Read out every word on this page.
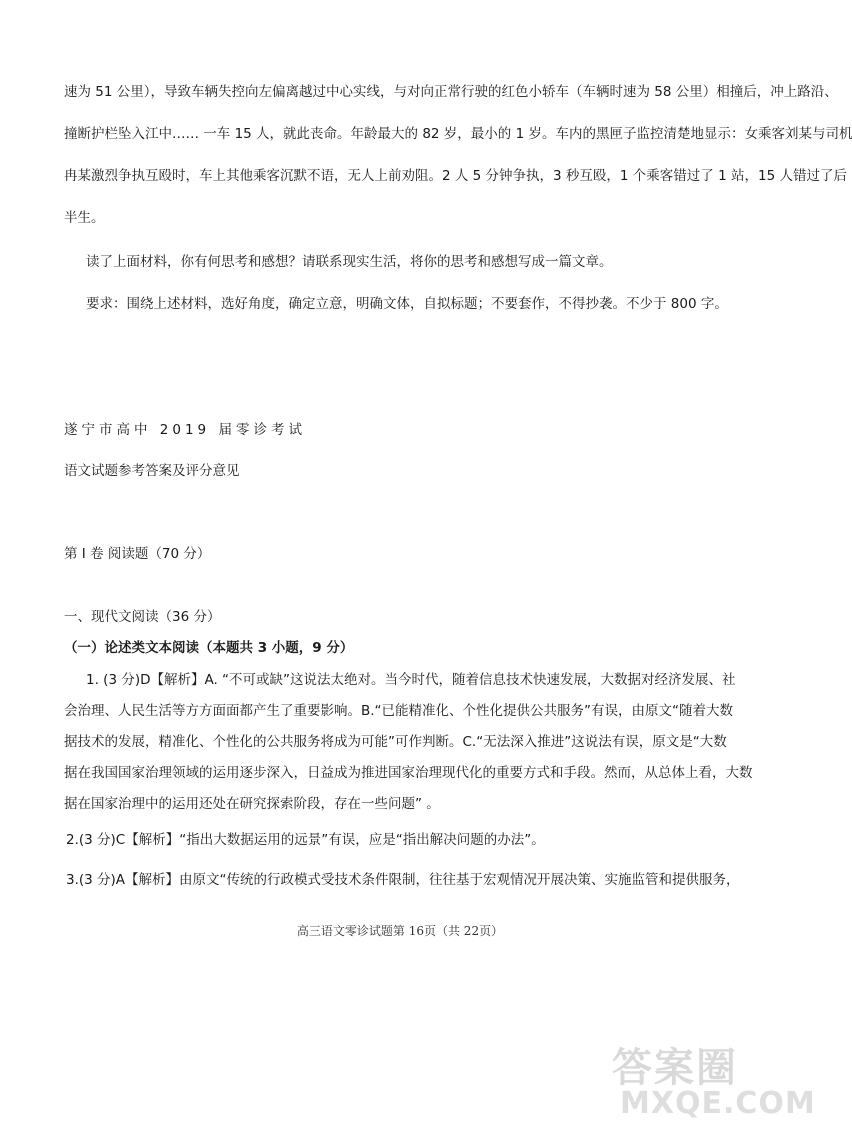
速为 51 公里），导致车辆失控向左偏离越过中心实线，与对向正常行驶的红色小轿车（车辆时速为 58 公里）相撞后，冲上路沿、
撞断护栏坠入江中…… 一车 15 人，就此丧命。年龄最大的 82 岁，最小的 1 岁。车内的黑匣子监控清楚地显示：女乘客刘某与司机
冉某激烈争执互殴时，车上其他乘客沉默不语，无人上前劝阻。2 人 5 分钟争执，3 秒互殴，1 个乘客错过了 1 站，15 人错过了后
半生。
读了上面材料，你有何思考和感想？请联系现实生活，将你的思考和感想写成一篇文章。
要求：围绕上述材料，选好角度，确定立意，明确文体，自拟标题；不要套作，不得抄袭。不少于 800 字。
遂宁市高中 2019 届零诊考试
语文试题参考答案及评分意见
第 I 卷 阅读题（70 分）
一、现代文阅读（36 分）
（一）论述类文本阅读（本题共 3 小题，9 分）
1. (3 分)D【解析】A. “不可或缺”这说法太绝对。当今时代，随着信息技术快速发展，大数据对经济发展、社
会治理、人民生活等方方面面都产生了重要影响。B.“已能精准化、个性化提供公共服务”有误，由原文“随着大数
据技术的发展，精准化、个性化的公共服务将成为可能”可作判断。C.“无法深入推进”这说法有误，原文是“大数
据在我国国家治理领域的运用逐步深入，日益成为推进国家治理现代化的重要方式和手段。然而，从总体上看，大数
据在国家治理中的运用还处在研究探索阶段，存在一些问题” 。
2.(3 分)C【解析】“指出大数据运用的远景”有误，应是“指出解决问题的办法”。
3.(3 分)A【解析】由原文“传统的行政模式受技术条件限制，往往基于宏观情况开展决策、实施监管和提供服务，
高三语文零诊试题第 16页（共 22页）
答案圈
MXQE.COM
